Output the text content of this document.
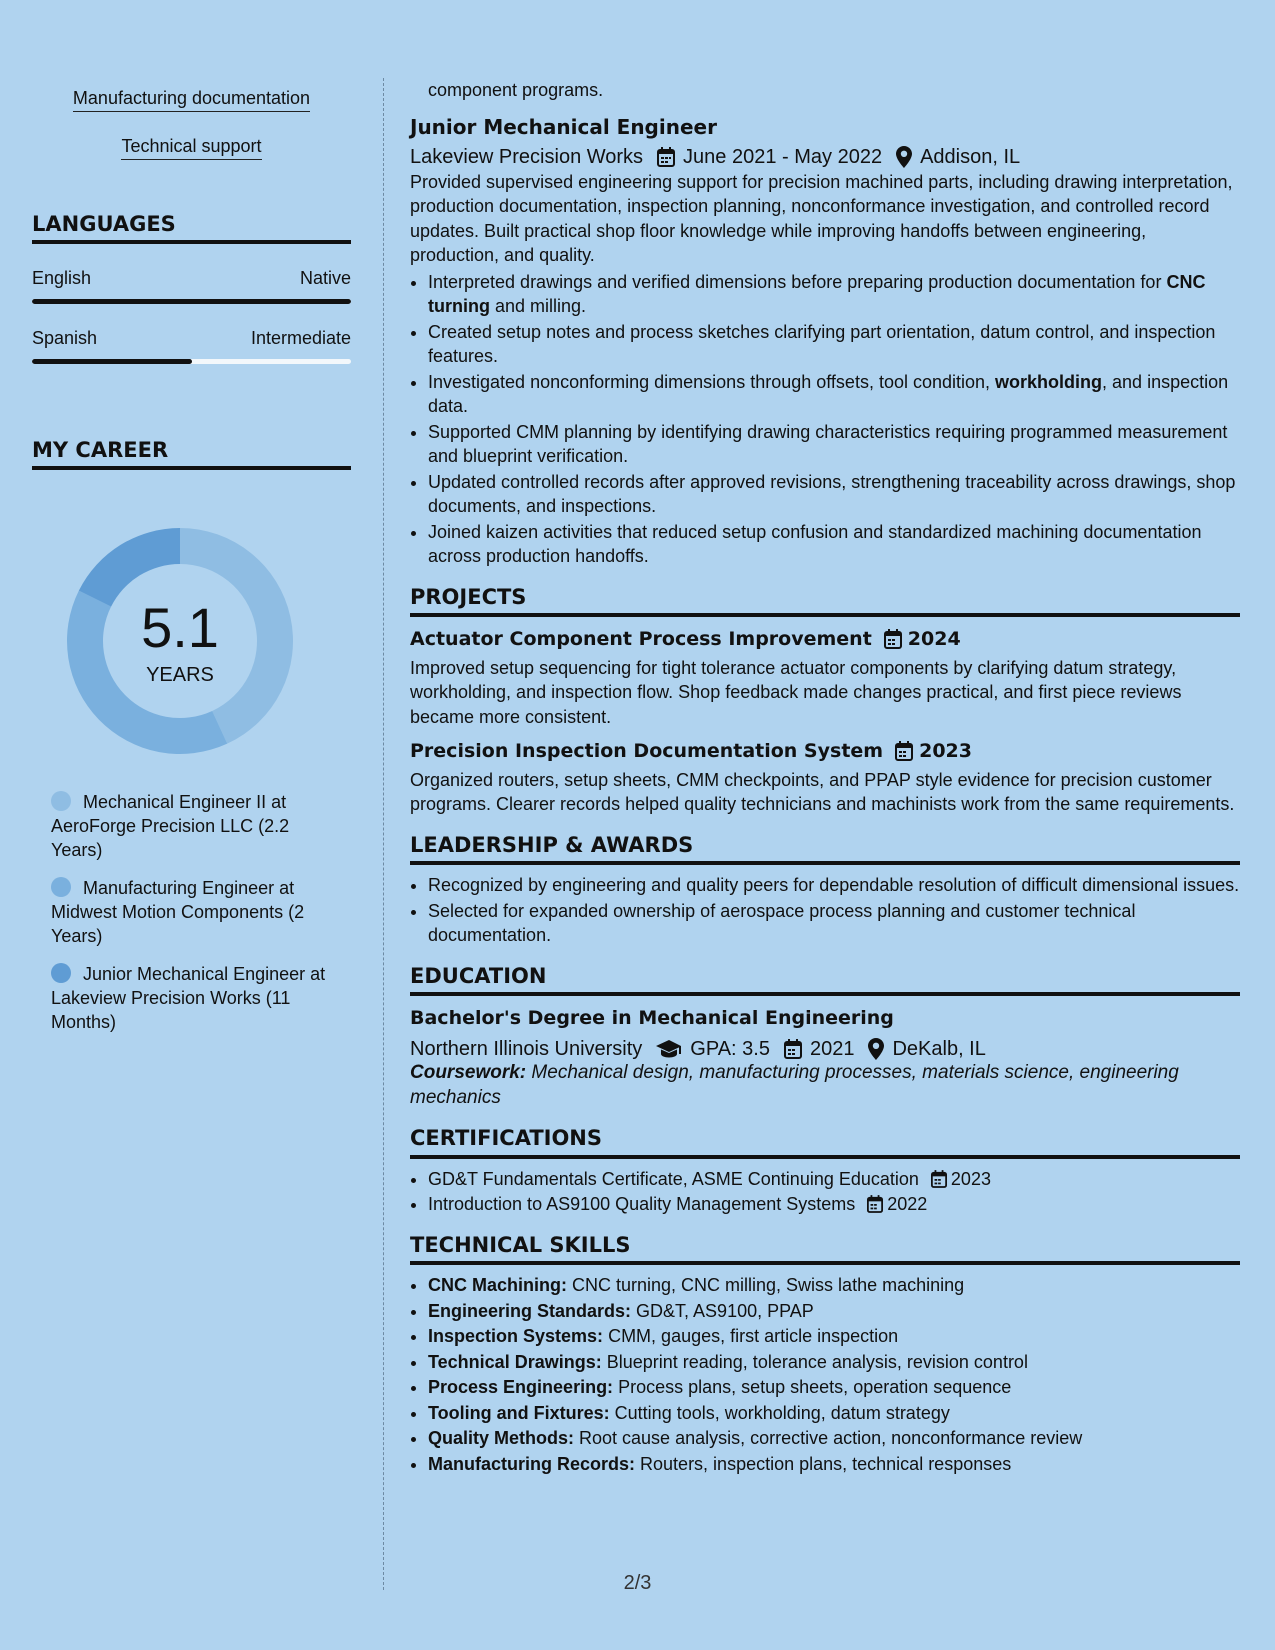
Manufacturing documentation
Technical support
LANGUAGES
English	Native
Spanish	Intermediate
MY CAREER
5.1
YEARS
Mechanical Engineer II at AeroForge Precision LLC (2.2 Years)
Manufacturing Engineer at Midwest Motion Components (2 Years)
Junior Mechanical Engineer at Lakeview Precision Works (11 Months)

component programs.

Junior Mechanical Engineer
Lakeview Precision Works June 2021 - May 2022 Addison, IL

Provided supervised engineering support for precision machined parts, including drawing interpretation, production documentation, inspection planning, nonconformance investigation, and controlled record updates. Built practical shop floor knowledge while improving handoffs between engineering, production, and quality.

• Interpreted drawings and verified dimensions before preparing production documentation for CNC turning and milling.
• Created setup notes and process sketches clarifying part orientation, datum control, and inspection features.
• Investigated nonconforming dimensions through offsets, tool condition, workholding, and inspection data.
• Supported CMM planning by identifying drawing characteristics requiring programmed measurement and blueprint verification.
• Updated controlled records after approved revisions, strengthening traceability across drawings, shop documents, and inspections.
• Joined kaizen activities that reduced setup confusion and standardized machining documentation across production handoffs.
PROJECTS
Actuator Component Process Improvement 2024

Improved setup sequencing for tight tolerance actuator components by clarifying datum strategy, workholding, and inspection flow. Shop feedback made changes practical, and first piece reviews became more consistent.

Precision Inspection Documentation System 2023

Organized routers, setup sheets, CMM checkpoints, and PPAP style evidence for precision customer programs. Clearer records helped quality technicians and machinists work from the same requirements.

LEADERSHIP & AWARDS
• Recognized by engineering and quality peers for dependable resolution of difficult dimensional issues.
• Selected for expanded ownership of aerospace process planning and customer technical documentation.
EDUCATION
Bachelor's Degree in Mechanical Engineering
Northern Illinois University GPA: 3.5 2021 DeKalb, IL

Coursework: Mechanical design, manufacturing processes, materials science, engineering mechanics

CERTIFICATIONS
• GD&T Fundamentals Certificate, ASME Continuing Education 2023
• Introduction to AS9100 Quality Management Systems 2022
TECHNICAL SKILLS
• CNC Machining: CNC turning, CNC milling, Swiss lathe machining
• Engineering Standards: GD&T, AS9100, PPAP
• Inspection Systems: CMM, gauges, first article inspection
• Technical Drawings: Blueprint reading, tolerance analysis, revision control
• Process Engineering: Process plans, setup sheets, operation sequence
• Tooling and Fixtures: Cutting tools, workholding, datum strategy
• Quality Methods: Root cause analysis, corrective action, nonconformance review
• Manufacturing Records: Routers, inspection plans, technical responses
2/3
